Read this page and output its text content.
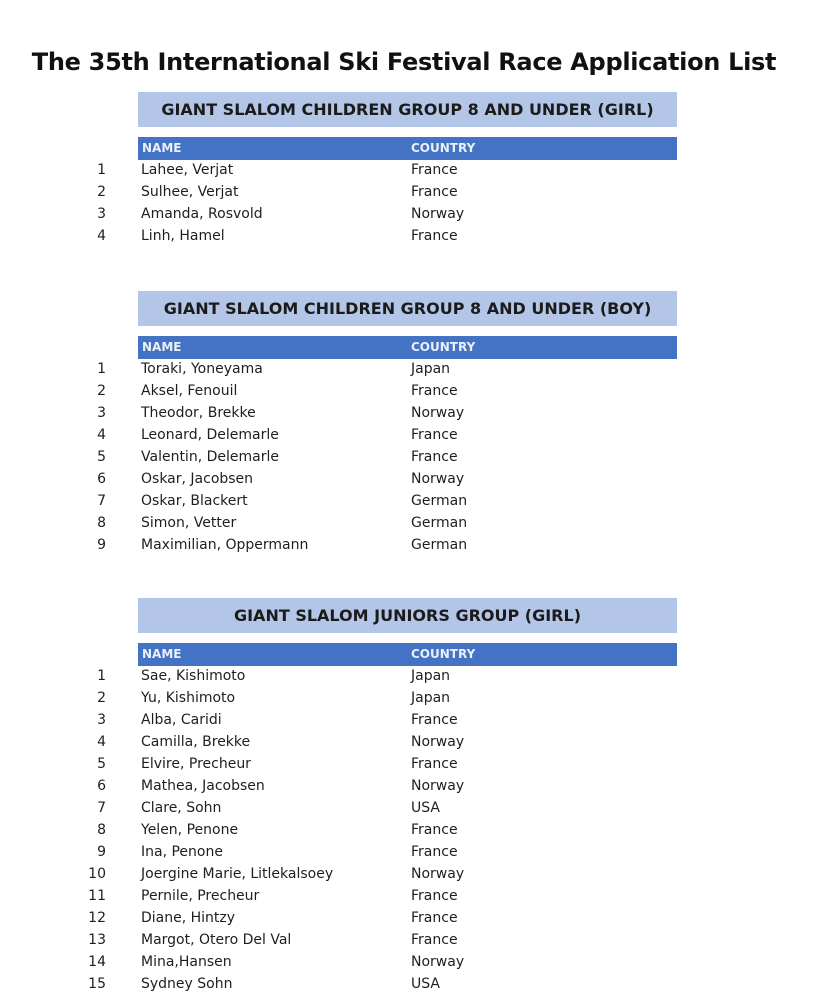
The 35th International Ski Festival Race Application List
GIANT SLALOM CHILDREN GROUP 8 AND UNDER (GIRL)
NAME	COUNTRY
1	Lahee, Verjat	France
2	Sulhee, Verjat	France
3	Amanda, Rosvold	Norway
4	Linh, Hamel	France
GIANT SLALOM CHILDREN GROUP 8 AND UNDER (BOY)
NAME	COUNTRY
1	Toraki, Yoneyama	Japan
2	Aksel, Fenouil	France
3	Theodor, Brekke	Norway
4	Leonard, Delemarle	France
5	Valentin, Delemarle	France
6	Oskar, Jacobsen	Norway
7	Oskar, Blackert	German
8	Simon, Vetter	German
9	Maximilian, Oppermann	German
GIANT SLALOM JUNIORS GROUP (GIRL)
NAME	COUNTRY
1	Sae, Kishimoto	Japan
2	Yu, Kishimoto	Japan
3	Alba, Caridi	France
4	Camilla, Brekke	Norway
5	Elvire, Precheur	France
6	Mathea, Jacobsen	Norway
7	Clare, Sohn	USA
8	Yelen, Penone	France
9	Ina, Penone	France
10	Joergine Marie, Litlekalsoey	Norway
11	Pernile, Precheur	France
12	Diane, Hintzy	France
13	Margot, Otero Del Val	France
14	Mina,Hansen	Norway
15	Sydney Sohn	USA
